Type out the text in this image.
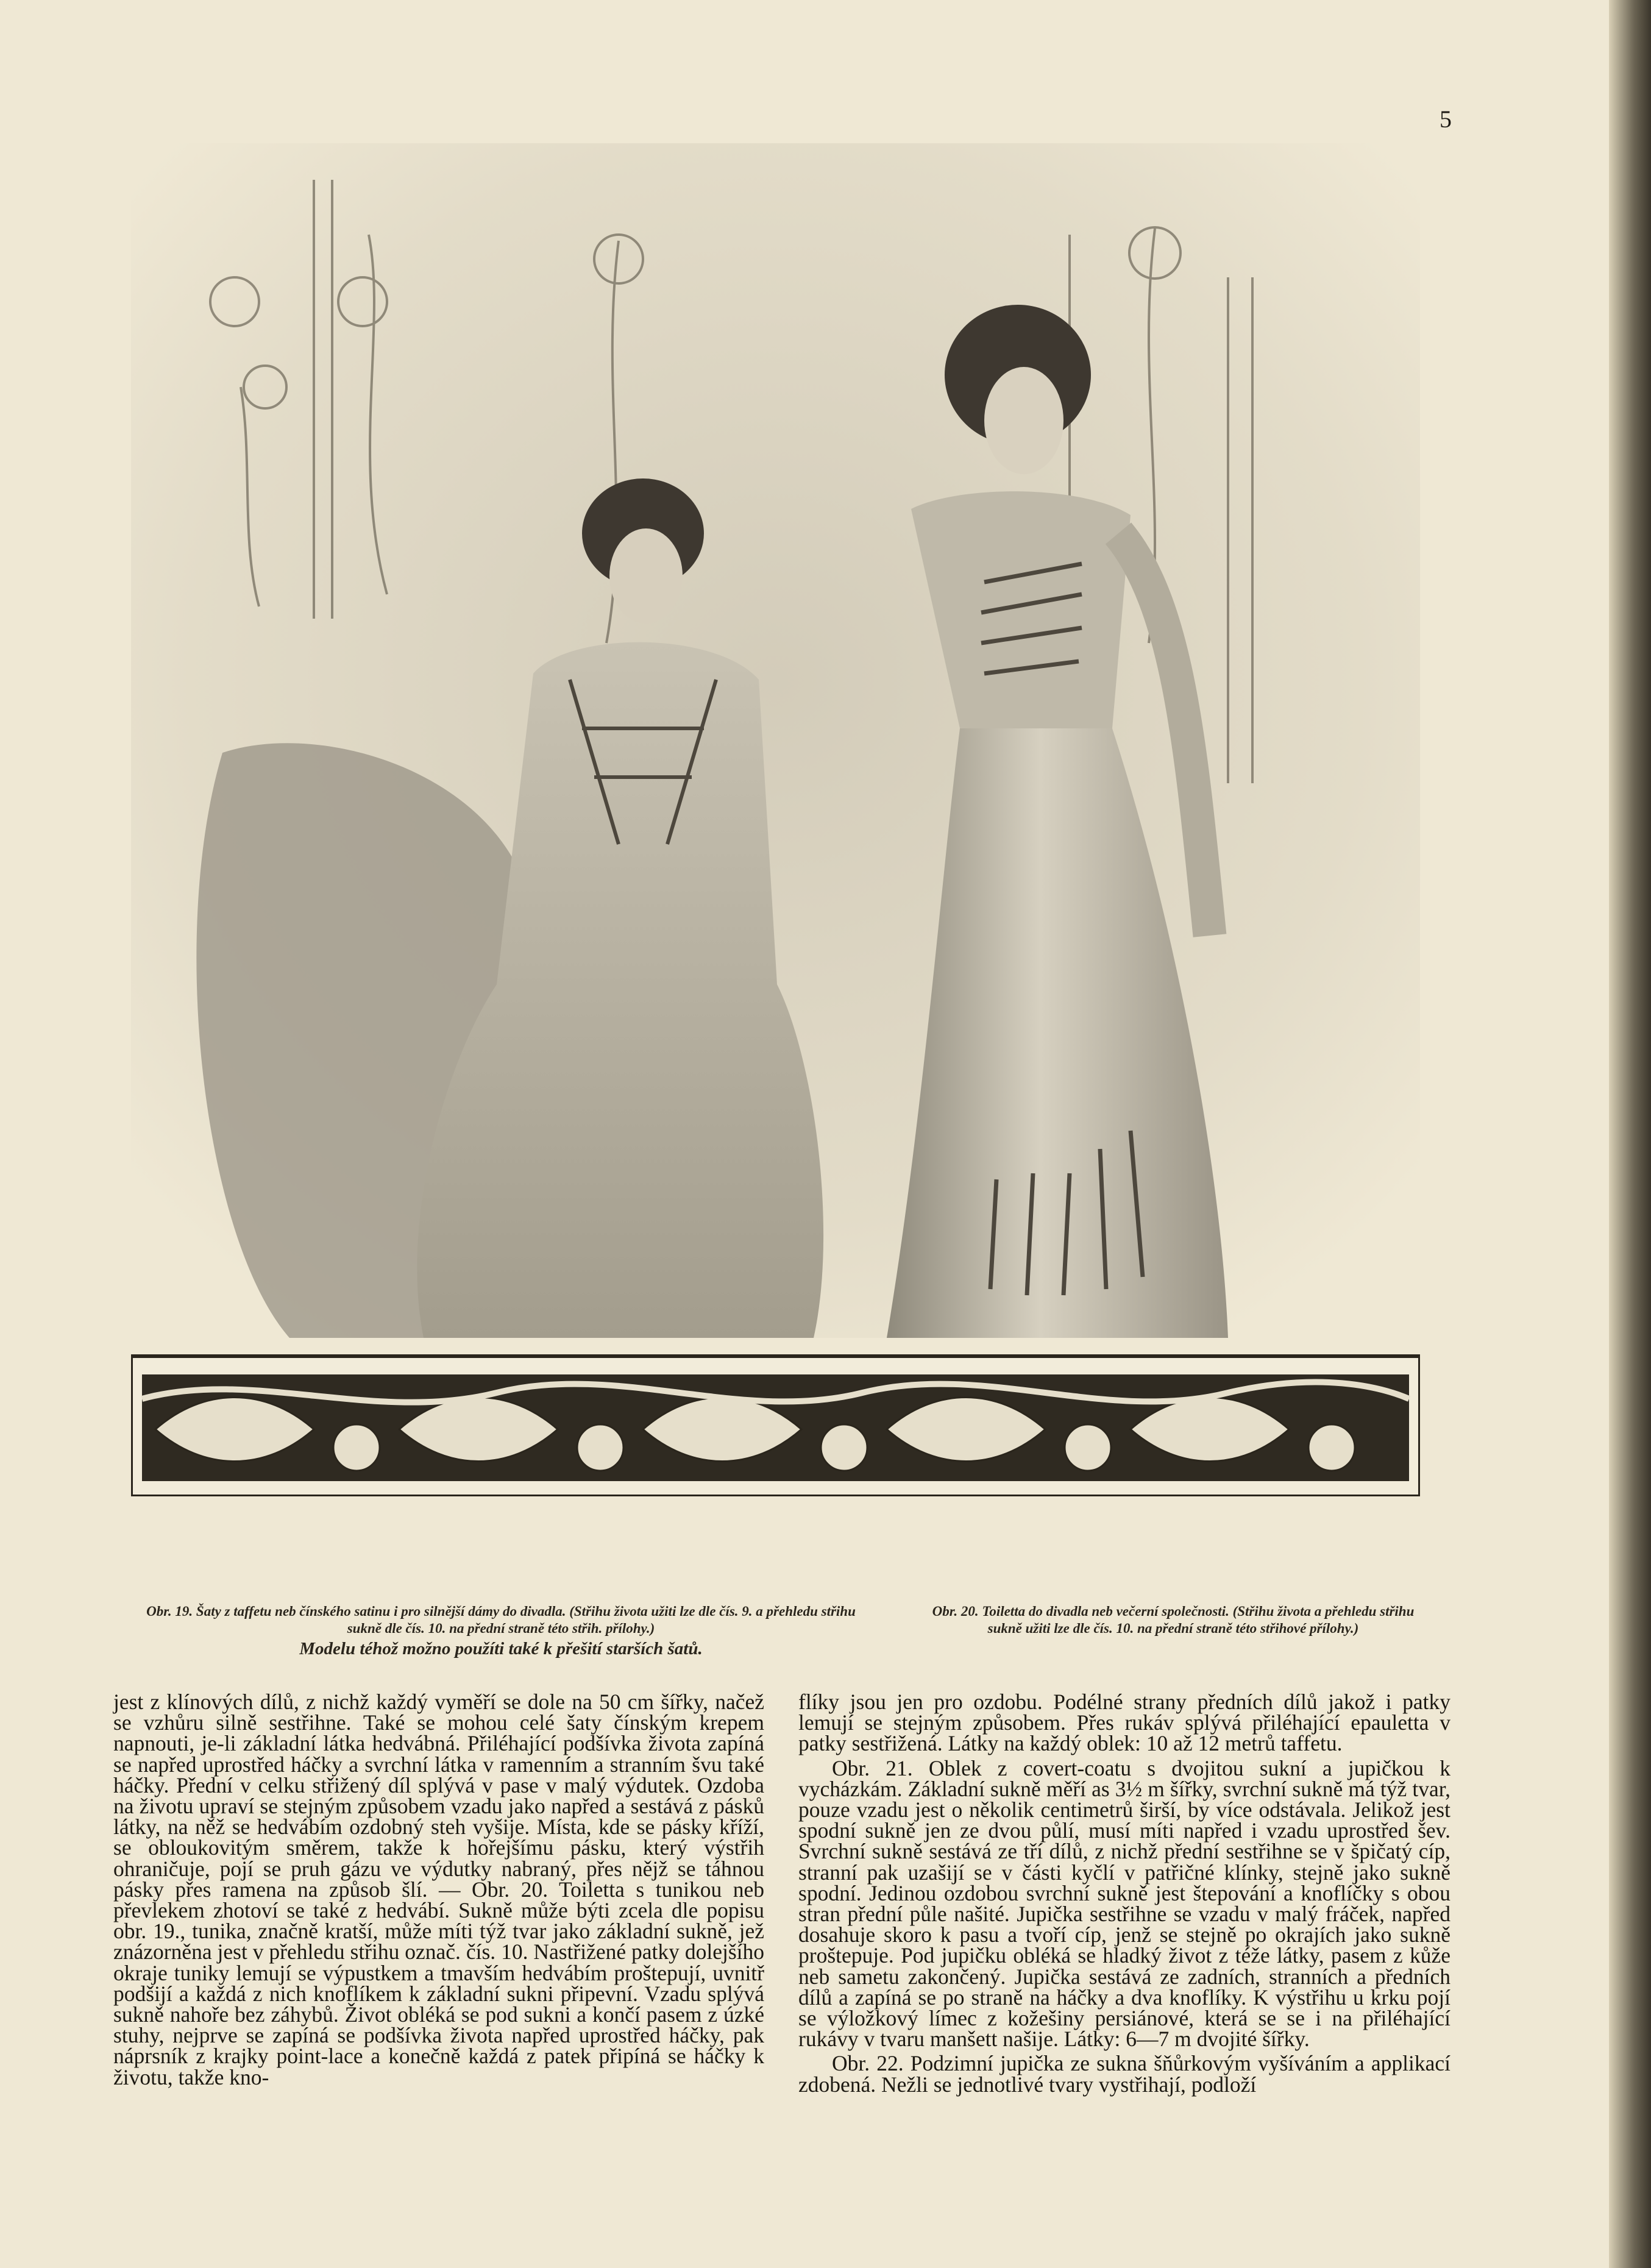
5
Obr. 19. Šaty z taffetu neb čínského satinu i pro silnější dámy do divadla. (Střihu života užiti lze dle čís. 9. a přehledu střihu sukně dle čís. 10. na přední straně této střih. přílohy.)
Modelu téhož možno použíti také k přešití starších šatů.
Obr. 20. Toiletta do divadla neb večerní společnosti. (Střihu života a přehledu střihu sukně užiti lze dle čís. 10. na přední straně této střihové přílohy.)

jest z klínových dílů, z nichž každý vyměří se dole na 50 cm šířky, načež se vzhůru silně sestřihne. Také se mohou celé šaty čínským krepem napnouti, je-li základní látka hedvábná. Přiléhající podšívka života zapíná se napřed uprostřed háčky a svrchní látka v ramenním a stranním švu také háčky. Přední v celku střižený díl splývá v pase v malý výdutek. Ozdoba na životu upraví se stejným způsobem vzadu jako napřed a sestává z pásků látky, na něž se hedvábím ozdobný steh vyšije. Místa, kde se pásky kříží, se obloukovitým směrem, takže k hořejšímu pásku, který výstřih ohraničuje, pojí se pruh gázu ve výdutky nabraný, přes nějž se táhnou pásky přes ramena na způsob šlí. — Obr. 20. Toiletta s tunikou neb převlekem zhotoví se také z hedvábí. Sukně může býti zcela dle popisu obr. 19., tunika, značně kratší, může míti týž tvar jako základní sukně, jež znázorněna jest v přehledu střihu označ. čís. 10. Nastřižené patky dolejšího okraje tuniky lemují se výpustkem a tmavším hedvábím proštepují, uvnitř podšijí a každá z nich knoflíkem k základní sukni připevní. Vzadu splývá sukně nahoře bez záhybů. Život obléká se pod sukni a končí pasem z úzké stuhy, nejprve se zapíná se podšívka života napřed uprostřed háčky, pak náprsník z krajky point-lace a konečně každá z patek připíná se háčky k životu, takže kno-

flíky jsou jen pro ozdobu. Podélné strany předních dílů jakož i patky lemují se stejným způsobem. Přes rukáv splývá přiléhající epauletta v patky sestřižená. Látky na každý oblek: 10 až 12 metrů taffetu.

Obr. 21. Oblek z covert-coatu s dvojitou sukní a jupičkou k vycházkám. Základní sukně měří as 3½ m šířky, svrchní sukně má týž tvar, pouze vzadu jest o několik centimetrů širší, by více odstávala. Jelikož jest spodní sukně jen ze dvou půlí, musí míti napřed i vzadu uprostřed šev. Svrchní sukně sestává ze tří dílů, z nichž přední sestřihne se v špičatý cíp, stranní pak uzašijí se v části kyčlí v patřičné klínky, stejně jako sukně spodní. Jedinou ozdobou svrchní sukně jest štepování a knoflíčky s obou stran přední půle našité. Jupička sestřihne se vzadu v malý fráček, napřed dosahuje skoro k pasu a tvoří cíp, jenž se stejně po okrajích jako sukně proštepuje. Pod jupičku obléká se hladký život z téže látky, pasem z kůže neb sametu zakončený. Jupička sestává ze zadních, stranních a předních dílů a zapíná se po straně na háčky a dva knoflíky. K výstřihu u krku pojí se výložkový límec z kožešiny persiánové, která se se i na přiléhající rukávy v tvaru manšett našije. Látky: 6—7 m dvojité šířky.

Obr. 22. Podzimní jupička ze sukna šňůrkovým vyšíváním a applikací zdobená. Nežli se jednotlivé tvary vystřihají, podloží
